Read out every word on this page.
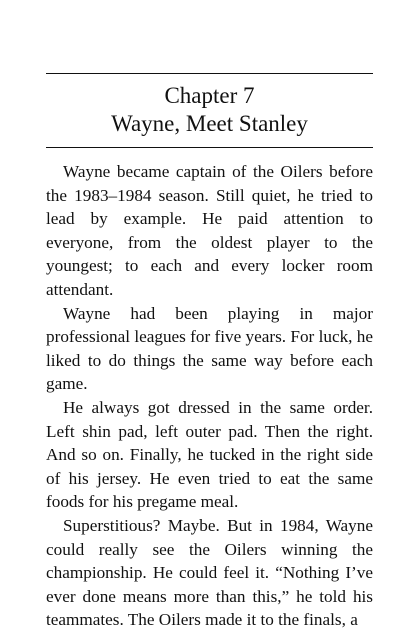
Chapter 7
Wayne, Meet Stanley

Wayne became captain of the Oilers before the 1983–1984 season. Still quiet, he tried to lead by example. He paid attention to everyone, from the oldest player to the youngest; to each and every locker room attendant.

Wayne had been playing in major professional leagues for five years. For luck, he liked to do things the same way before each game.

He always got dressed in the same order. Left shin pad, left outer pad. Then the right. And so on. Finally, he tucked in the right side of his jersey. He even tried to eat the same foods for his pregame meal.

Superstitious? Maybe. But in 1984, Wayne could really see the Oilers winning the championship. He could feel it. “Nothing I’ve ever done means more than this,” he told his teammates. The Oilers made it to the finals, a
